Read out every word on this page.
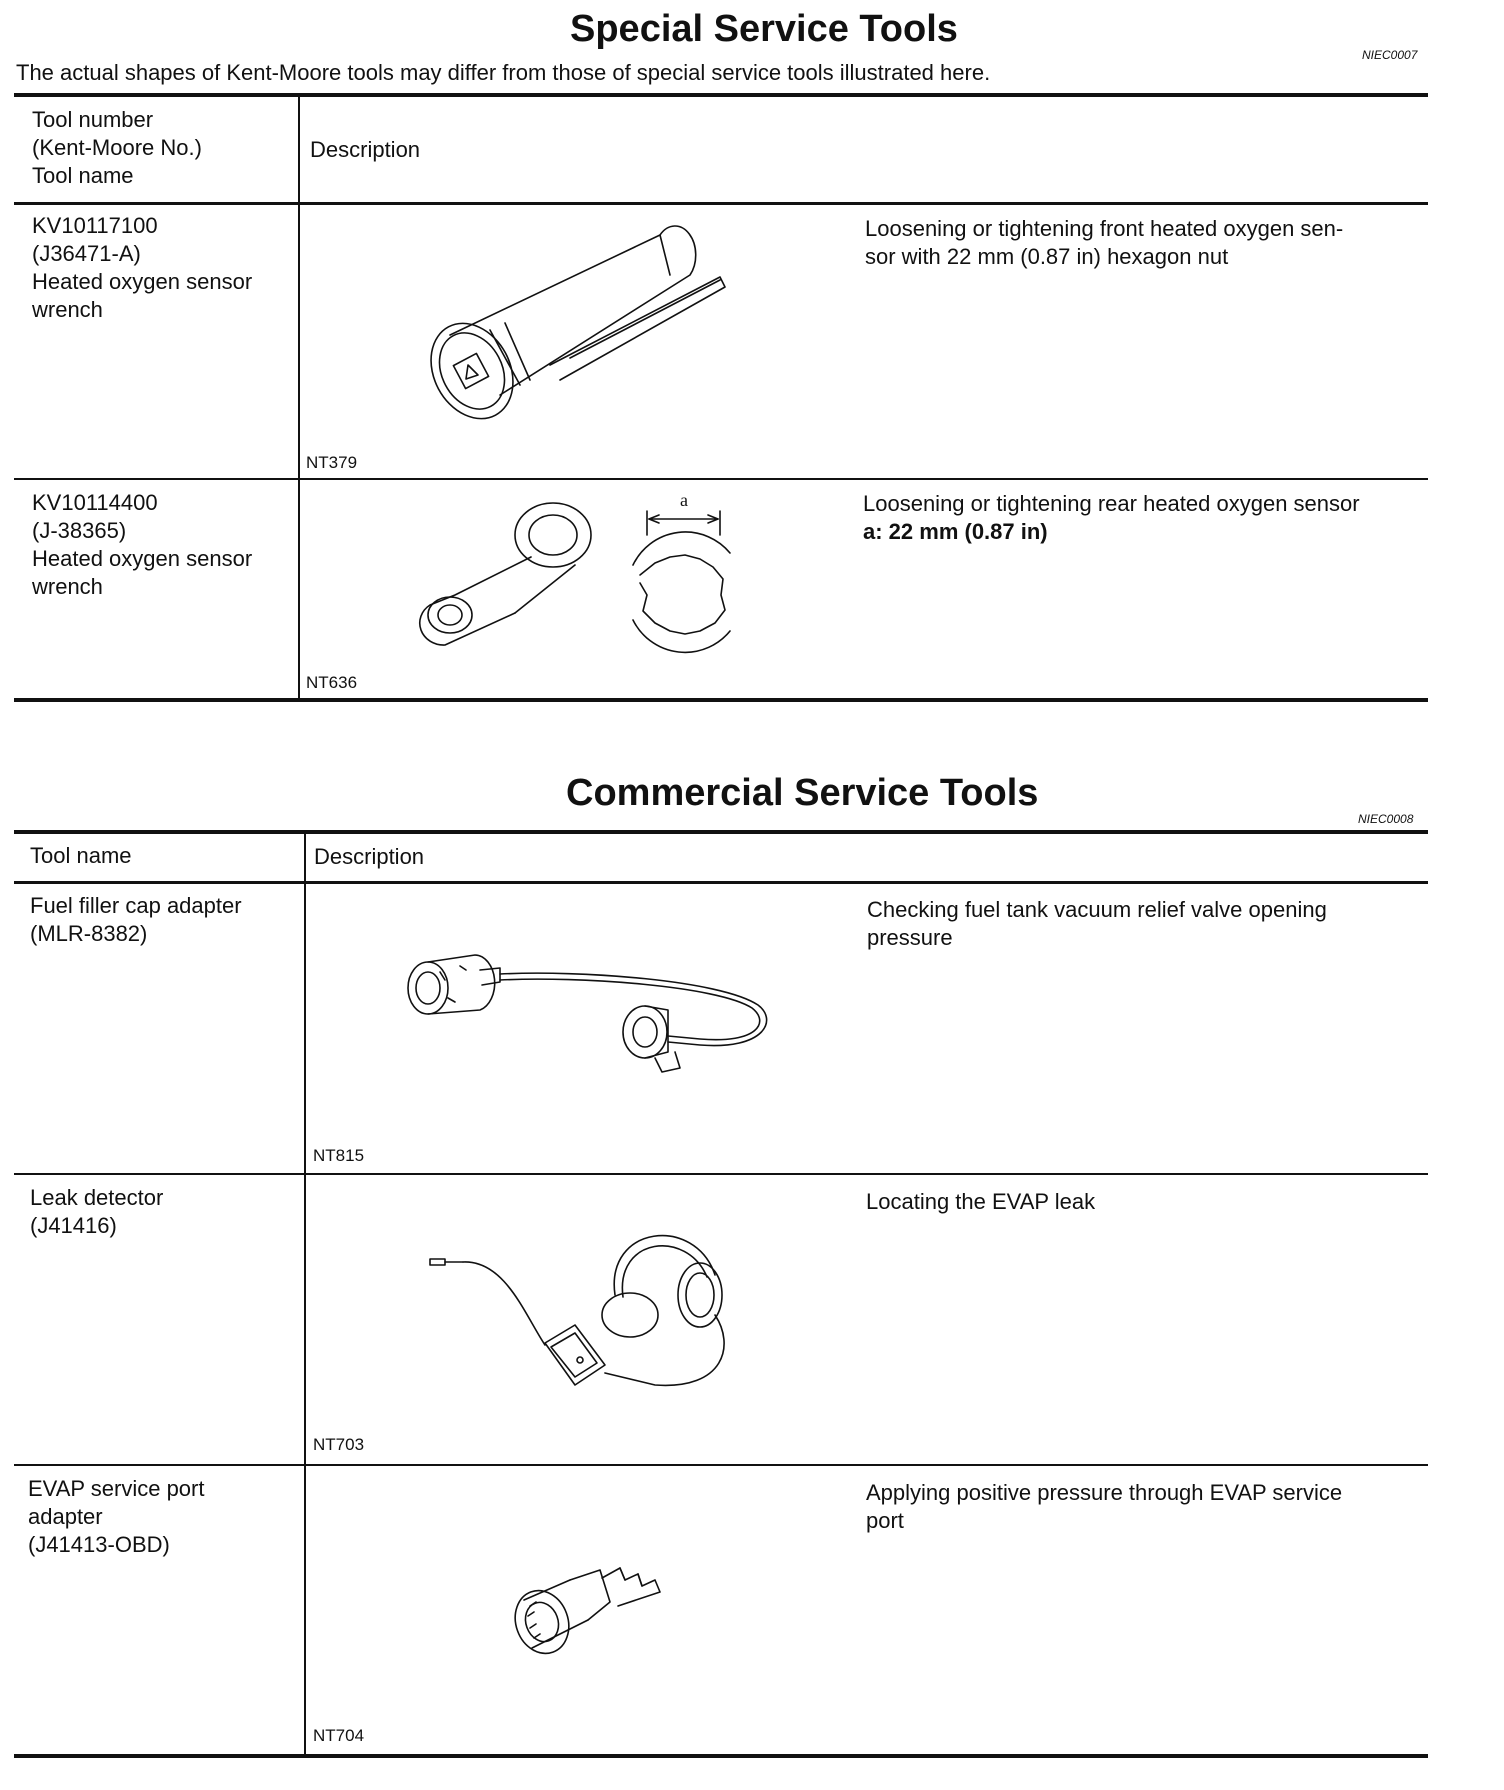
Special Service Tools
NIEC0007
The actual shapes of Kent-Moore tools may differ from those of special service tools illustrated here.
Tool number
(Kent-Moore No.)
Tool name
Description
KV10117100
(J36471-A)
Heated oxygen sensor
wrench
NT379
Loosening or tightening front heated oxygen sen-
sor with 22 mm (0.87 in) hexagon nut
KV10114400
(J-38365)
Heated oxygen sensor
wrench
a
NT636
Loosening or tightening rear heated oxygen sensor
a: 22 mm (0.87 in)
Commercial Service Tools
NIEC0008
Tool name	Description
Fuel filler cap adapter
(MLR-8382)
NT815
Checking fuel tank vacuum relief valve opening
pressure
Leak detector
(J41416)
NT703
Locating the EVAP leak
EVAP service port
adapter
(J41413-OBD)
NT704
Applying positive pressure through EVAP service
port
